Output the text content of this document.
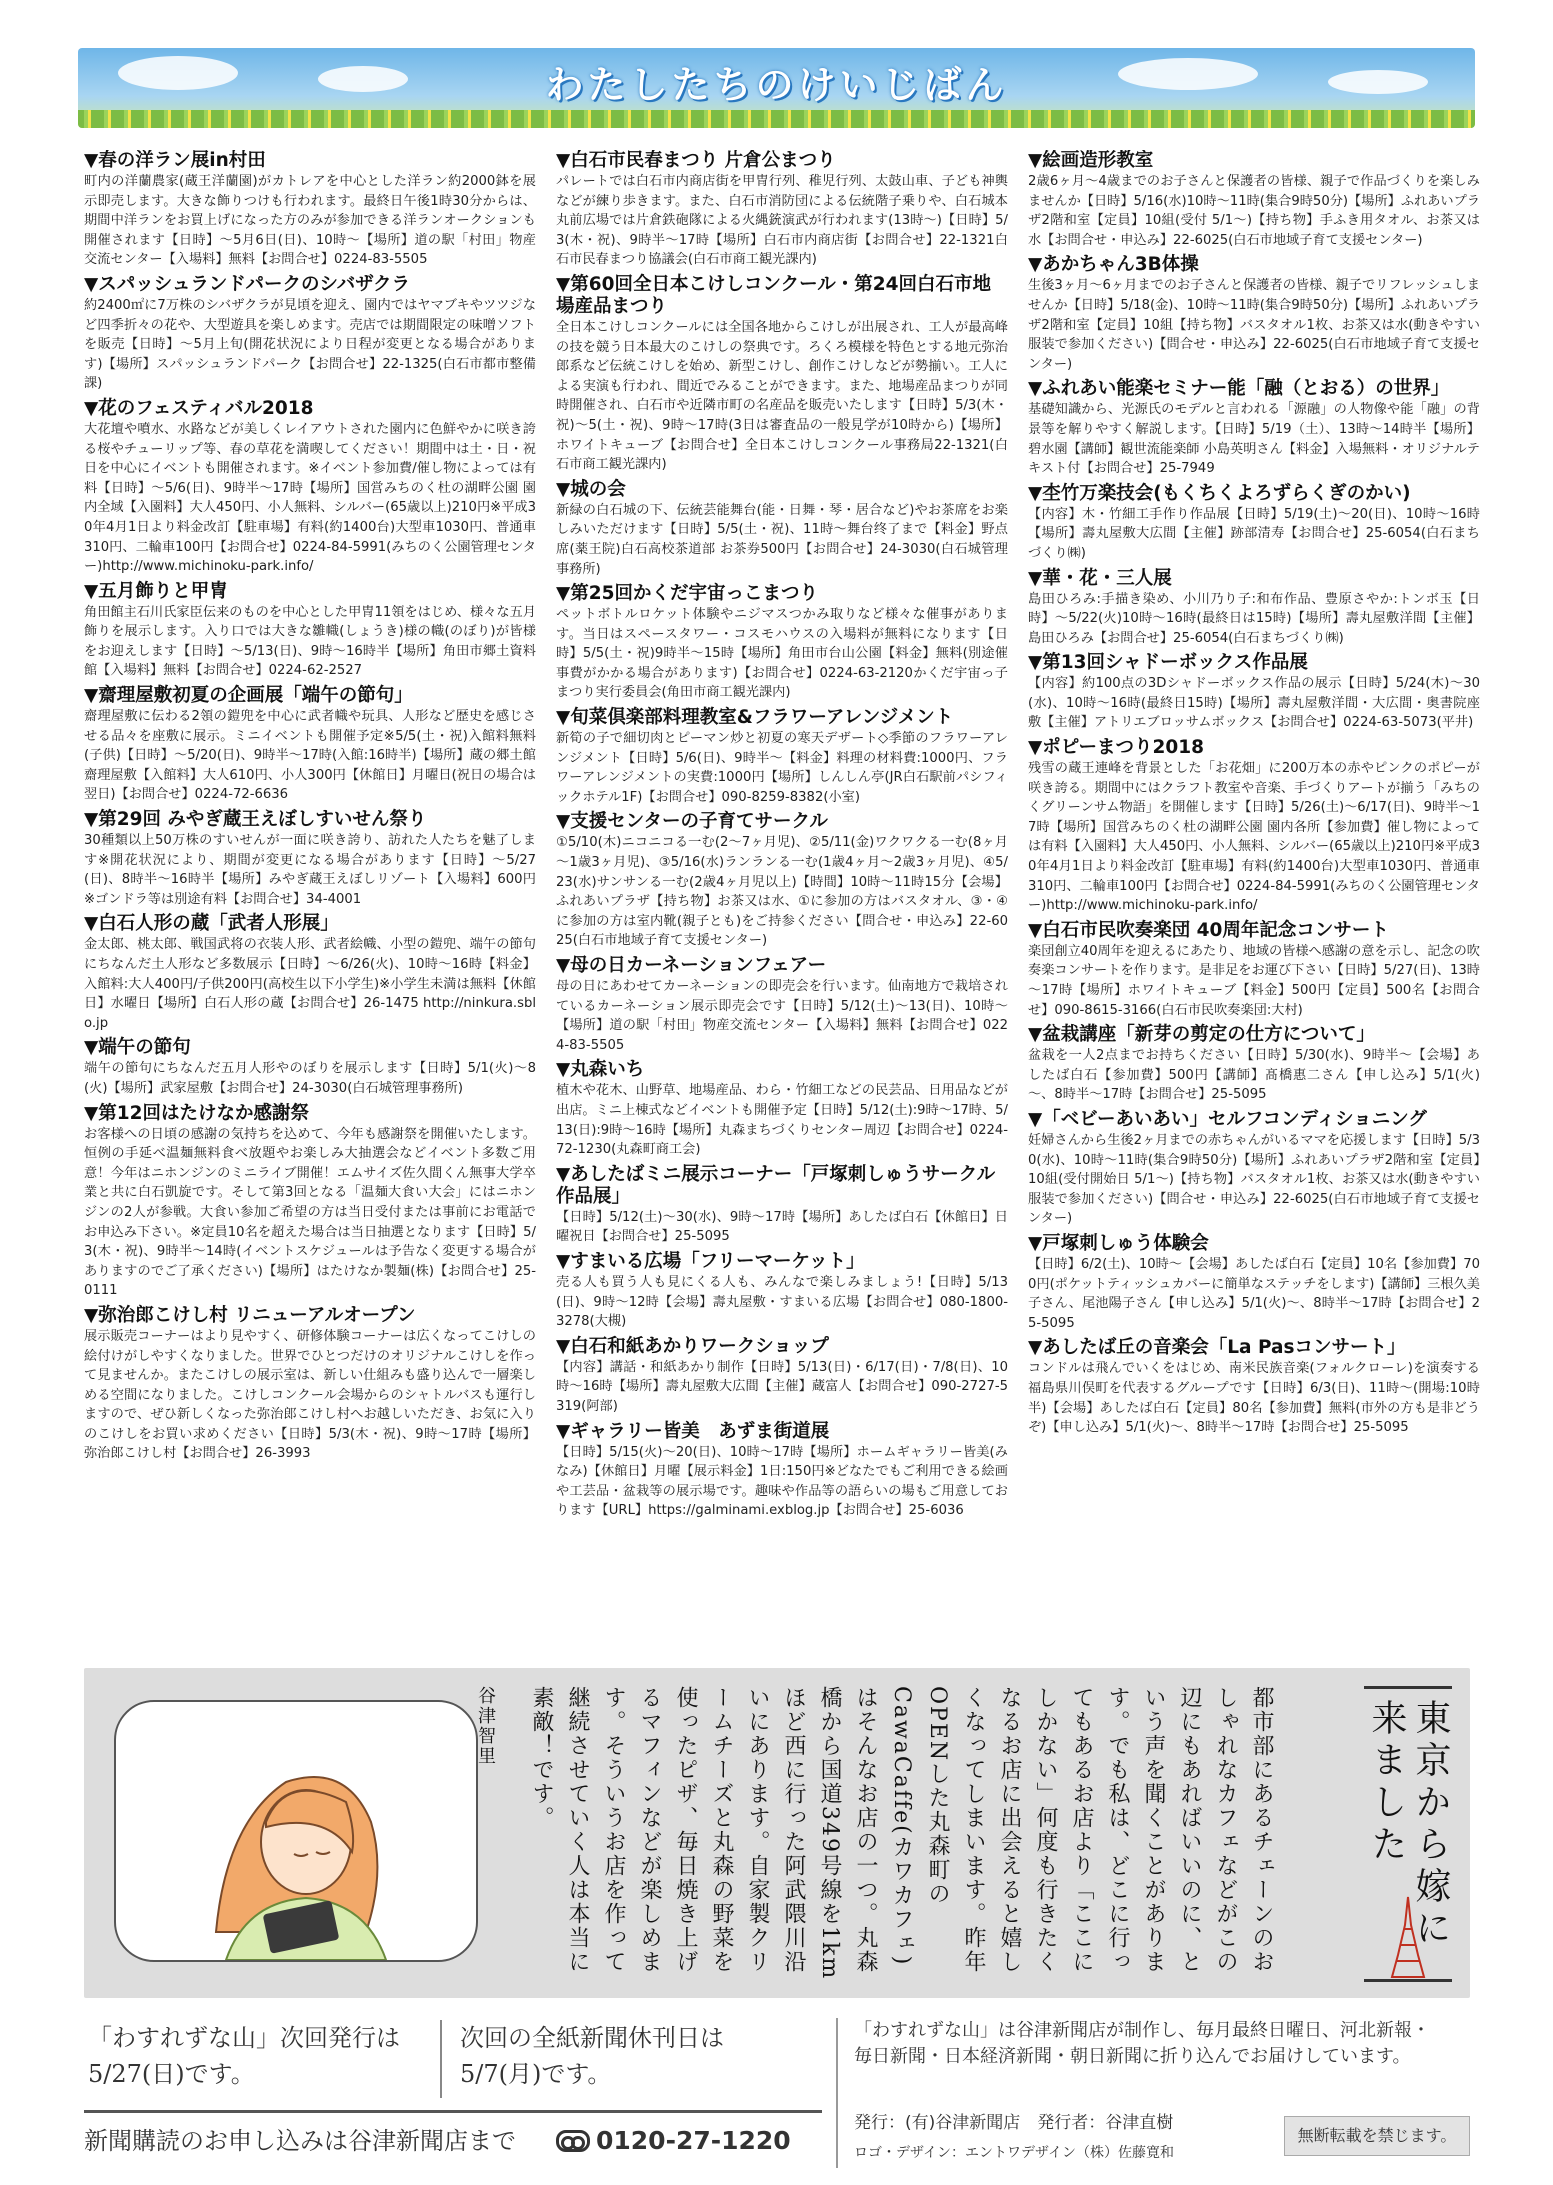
わたしたちのけいじばん
▼春の洋ラン展in村田

町内の洋蘭農家(蔵王洋蘭園)がカトレアを中心とした洋ラン約2000鉢を展示即売します。大きな飾りつけも行われます。最終日午後1時30分からは、期間中洋ランをお買上げになった方のみが参加できる洋ランオークションも開催されます【日時】～5月6日(日)、10時～【場所】道の駅「村田」物産交流センター【入場料】無料【お問合せ】0224-83-5505

▼スパッシュランドパークのシバザクラ

約2400㎡に7万株のシバザクラが見頃を迎え、園内ではヤマブキやツツジなど四季折々の花や、大型遊具を楽しめます。売店では期間限定の味噌ソフトを販売【日時】～5月上旬(開花状況により日程が変更となる場合があります)【場所】スパッシュランドパーク【お問合せ】22-1325(白石市都市整備課)

▼花のフェスティバル2018

大花壇や噴水、水路などが美しくレイアウトされた園内に色鮮やかに咲き誇る桜やチューリップ等、春の草花を満喫してください！期間中は土・日・祝日を中心にイベントも開催されます。※イベント参加費/催し物によっては有料【日時】～5/6(日)、9時半～17時【場所】国営みちのく杜の湖畔公園 園内全域【入園料】大人450円、小人無料、シルバー(65歳以上)210円※平成30年4月1日より料金改訂【駐車場】有料(約1400台)大型車1030円、普通車310円、二輪車100円【お問合せ】0224-84-5991(みちのく公園管理センター)http://www.michinoku-park.info/

▼五月飾りと甲冑

角田館主石川氏家臣伝来のものを中心とした甲冑11領をはじめ、様々な五月飾りを展示します。入り口では大きな雛幟(しょうき)様の幟(のぼり)が皆様をお迎えします【日時】～5/13(日)、9時～16時半【場所】角田市郷土資料館【入場料】無料【お問合せ】0224-62-2527

▼齋理屋敷初夏の企画展「端午の節句」

齋理屋敷に伝わる2領の鎧兜を中心に武者幟や玩具、人形など歴史を感じさせる品々を座敷に展示。ミニイベントも開催予定※5/5(土・祝)入館料無料(子供)【日時】～5/20(日)、9時半～17時(入館:16時半)【場所】蔵の郷土館 齋理屋敷【入館料】大人610円、小人300円【休館日】月曜日(祝日の場合は翌日)【お問合せ】0224-72-6636

▼第29回 みやぎ蔵王えぼしすいせん祭り

30種類以上50万株のすいせんが一面に咲き誇り、訪れた人たちを魅了します※開花状況により、期間が変更になる場合があります【日時】～5/27(日)、8時半～16時半【場所】みやぎ蔵王えぼしリゾート【入場料】600円※ゴンドラ等は別途有料【お問合せ】34-4001

▼白石人形の蔵「武者人形展」

金太郎、桃太郎、戦国武将の衣装人形、武者絵幟、小型の鎧兜、端午の節句にちなんだ土人形など多数展示【日時】～6/26(火)、10時～16時【料金】入館料:大人400円/子供200円(高校生以下小学生)※小学生未満は無料【休館日】水曜日【場所】白石人形の蔵【お問合せ】26-1475 http://ninkura.sblo.jp

▼端午の節句

端午の節句にちなんだ五月人形やのぼりを展示します【日時】5/1(火)～8(火)【場所】武家屋敷【お問合せ】24-3030(白石城管理事務所)

▼第12回はたけなか感謝祭

お客様への日頃の感謝の気持ちを込めて、今年も感謝祭を開催いたします。恒例の手延べ温麺無料食べ放題やお楽しみ大抽選会などイベント多数ご用意！今年はニホンジンのミニライブ開催！エムサイズ佐久間くん無事大学卒業と共に白石凱旋です。そして第3回となる「温麺大食い大会」にはニホンジンの2人が参戦。大食い参加ご希望の方は当日受付または事前にお電話でお申込み下さい。※定員10名を超えた場合は当日抽選となります【日時】5/3(木・祝)、9時半～14時(イベントスケジュールは予告なく変更する場合がありますのでご了承ください)【場所】はたけなか製麺(株)【お問合せ】25-0111

▼弥治郎こけし村 リニューアルオープン

展示販売コーナーはより見やすく、研修体験コーナーは広くなってこけしの絵付けがしやすくなりました。世界でひとつだけのオリジナルこけしを作って見ませんか。またこけしの展示室は、新しい仕組みも盛り込んで一層楽しめる空間になりました。こけしコンクール会場からのシャトルバスも運行しますので、ぜひ新しくなった弥治郎こけし村へお越しいただき、お気に入りのこけしをお買い求めください【日時】5/3(木・祝)、9時～17時【場所】弥治郎こけし村【お問合せ】26-3993

▼白石市民春まつり 片倉公まつり

パレートでは白石市内商店街を甲冑行列、稚児行列、太鼓山車、子ども神輿などが練り歩きます。また、白石市消防団による伝統階子乗りや、白石城本丸前広場では片倉鉄砲隊による火縄銃演武が行われます(13時～)【日時】5/3(木・祝)、9時半～17時【場所】白石市内商店街【お問合せ】22-1321白石市民春まつり協議会(白石市商工観光課内)

▼第60回全日本こけしコンクール・第24回白石市地場産品まつり

全日本こけしコンクールには全国各地からこけしが出展され、工人が最高峰の技を競う日本最大のこけしの祭典です。ろくろ模様を特色とする地元弥治郎系など伝統こけしを始め、新型こけし、創作こけしなどが勢揃い。工人による実演も行われ、間近でみることができます。また、地場産品まつりが同時開催され、白石市や近隣市町の名産品を販売いたします【日時】5/3(木・祝)～5(土・祝)、9時～17時(3日は審査品の一般見学が10時から)【場所】ホワイトキューブ【お問合せ】全日本こけしコンクール事務局22-1321(白石市商工観光課内)

▼城の会

新緑の白石城の下、伝統芸能舞台(能・日舞・琴・居合など)やお茶席をお楽しみいただけます【日時】5/5(土・祝)、11時～舞台终了まで【料金】野点席(薬王院)白石高校茶道部 お茶券500円【お問合せ】24-3030(白石城管理事務所)

▼第25回かくだ宇宙っこまつり

ペットボトルロケット体験やニジマスつかみ取りなど様々な催事があります。当日はスペースタワー・コスモハウスの入場料が無料になります【日時】5/5(土・祝)9時半～15時【場所】角田市台山公園【料金】無料(別途催事費がかかる場合があります)【お問合せ】0224-63-2120かくだ宇宙っ子まつり実行委員会(角田市商工観光課内)

▼旬菜倶楽部料理教室&フラワーアレンジメント

新筍の子で細切肉とピーマン炒と初夏の寒天デザート◇季節のフラワーアレンジメント【日時】5/6(日)、9時半～【料金】料理の材料費:1000円、フラワーアレンジメントの実費:1000円【場所】しんしん亭(JR白石駅前パシフィックホテル1F)【お問合せ】090-8259-8382(小室)

▼支援センターの子育てサークル

①5/10(木)ニコニコる一む(2～7ヶ月児)、②5/11(金)ワクワクる一む(8ヶ月～1歳3ヶ月児)、③5/16(水)ランランる一む(1歳4ヶ月～2歳3ヶ月児)、④5/23(水)サンサンる一む(2歳4ヶ月児以上)【時間】10時～11時15分【会場】ふれあいプラザ【持ち物】お茶又は水、①に参加の方はバスタオル、③・④に参加の方は室内靴(親子とも)をご持参ください【問合せ・申込み】22-6025(白石市地域子育て支援センター)

▼母の日カーネーションフェアー

母の日にあわせてカーネーションの即売会を行います。仙南地方で栽培されているカーネーション展示即売会です【日時】5/12(土)～13(日)、10時～【場所】道の駅「村田」物産交流センター【入場料】無料【お問合せ】0224-83-5505

▼丸森いち

植木や花木、山野草、地場産品、わら・竹細工などの民芸品、日用品などが出店。ミニ上棟式などイベントも開催予定【日時】5/12(土):9時～17時、5/13(日):9時～16時【場所】丸森まちづくりセンター周辺【お問合せ】0224-72-1230(丸森町商工会)

▼あしたばミニ展示コーナー「戸塚刺しゅうサークル作品展」

【日時】5/12(土)～30(水)、9時～17時【場所】あしたば白石【休館日】日曜祝日【お問合せ】25-5095

▼すまいる広場「フリーマーケット」

売る人も買う人も見にくる人も、みんなで楽しみましょう!【日時】5/13(日)、9時～12時【会場】壽丸屋敷・すまいる広場【お問合せ】080-1800-3278(大槻)

▼白石和紙あかりワークショップ

【内容】講話・和紙あかり制作【日時】5/13(日)・6/17(日)・7/8(日)、10時～16時【場所】壽丸屋敷大広間【主催】蔵富人【お問合せ】090-2727-5319(阿部)

▼ギャラリー皆美　あずま街道展

【日時】5/15(火)～20(日)、10時～17時【場所】ホームギャラリー皆美(みなみ)【休館日】月曜【展示料金】1日:150円※どなたでもご利用できる絵画や工芸品・盆栽等の展示場です。趣味や作品等の語らいの場もご用意しております【URL】https://galminami.exblog.jp【お問合せ】25-6036

▼絵画造形教室

2歳6ヶ月～4歳までのお子さんと保護者の皆様、親子で作品づくりを楽しみませんか【日時】5/16(水)10時～11時(集合9時50分)【場所】ふれあいプラザ2階和室【定員】10組(受付 5/1～)【持ち物】手ふき用タオル、お茶又は水【お問合せ・申込み】22-6025(白石市地域子育て支援センター)

▼あかちゃん3B体操

生後3ヶ月～6ヶ月までのお子さんと保護者の皆様、親子でリフレッシュしませんか【日時】5/18(金)、10時～11時(集合9時50分)【場所】ふれあいプラザ2階和室【定員】10組【持ち物】バスタオル1枚、お茶又は水(動きやすい服装で参加ください)【問合せ・申込み】22-6025(白石市地域子育て支援センター)

▼ふれあい能楽セミナー能「融（とおる）の世界」

基礎知識から、光源氏のモデルと言われる「源融」の人物像や能「融」の背景等を解りやすく解説します。【日時】5/19（土）、13時～14時半【場所】碧水園【講師】観世流能楽師 小島英明さん【料金】入場無料・オリジナルテキスト付【お問合せ】25-7949

▼杢竹万楽技会(もくちくよろずらくぎのかい)

【内容】木・竹細工手作り作品展【日時】5/19(土)～20(日)、10時～16時【場所】壽丸屋敷大広間【主催】跡部清寿【お問合せ】25-6054(白石まちづくり㈱)

▼華・花・三人展

島田ひろみ:手描き染め、小川乃り子:和布作品、豊原さやか:トンボ玉【日時】～5/22(火)10時～16時(最終日は15時)【場所】壽丸屋敷洋間【主催】島田ひろみ【お問合せ】25-6054(白石まちづくり㈱)

▼第13回シャドーボックス作品展

【内容】約100点の3Dシャドーボックス作品の展示【日時】5/24(木)～30(水)、10時～16時(最終日15時)【場所】壽丸屋敷洋間・大広間・奥書院座敷【主催】アトリエブロッサムボックス【お問合せ】0224-63-5073(平井)

▼ポピーまつり2018

残雪の蔵王連峰を背景とした「お花畑」に200万本の赤やピンクのポピーが咲き誇る。期間中にはクラフト教室や音楽、手づくりアートが揃う「みちのくグリーンサム物語」を開催します【日時】5/26(土)～6/17(日)、9時半～17時【場所】国営みちのく杜の湖畔公園 園内各所【参加費】催し物によっては有料【入園料】大人450円、小人無料、シルバー(65歳以上)210円※平成30年4月1日より料金改訂【駐車場】有料(約1400台)大型車1030円、普通車310円、二輪車100円【お問合せ】0224-84-5991(みちのく公園管理センター)http://www.michinoku-park.info/

▼白石市民吹奏楽団 40周年記念コンサート

楽団創立40周年を迎えるにあたり、地域の皆様へ感謝の意を示し、記念の吹奏楽コンサートを作ります。是非足をお運び下さい【日時】5/27(日)、13時～17時【場所】ホワイトキューブ【料金】500円【定員】500名【お問合せ】090-8615-3166(白石市民吹奏楽団:大村)

▼盆栽講座「新芽の剪定の仕方について」

盆栽を一人2点までお持ちください【日時】5/30(水)、9時半～【会場】あしたば白石【参加費】500円【講師】髙橋惠二さん【申し込み】5/1(火)～、8時半～17時【お問合せ】25-5095

▼「ベビーあいあい」セルフコンディショニング

妊婦さんから生後2ヶ月までの赤ちゃんがいるママを応援します【日時】5/30(水)、10時～11時(集合9時50分)【場所】ふれあいプラザ2階和室【定員】10組(受付開始日 5/1～)【持ち物】バスタオル1枚、お茶又は水(動きやすい服装で参加ください)【問合せ・申込み】22-6025(白石市地域子育て支援センター)

▼戸塚刺しゅう体験会

【日時】6/2(土)、10時～【会場】あしたば白石【定員】10名【参加費】700円(ポケットティッシュカバーに簡単なステッチをします)【講師】三根久美子さん、尾池陽子さん【申し込み】5/1(火)～、8時半～17時【お問合せ】25-5095

▼あしたば丘の音楽会「La Pasコンサート」

コンドルは飛んでいくをはじめ、南米民族音楽(フォルクローレ)を演奏する福島県川俣町を代表するグループです【日時】6/3(日)、11時～(開場:10時半)【会場】あしたば白石【定員】80名【参加費】無料(市外の方も是非どうぞ)【申し込み】5/1(火)～、8時半～17時【お問合せ】25-5095

都市部にあるチェーンのおしゃれなカフェなどがこの辺にもあればいいのに、という声を聞くことがあります。でも私は、どこに行ってもあるお店より「ここにしかない」何度も行きたくなるお店に出会えると嬉しくなってしまいます。昨年OPENした丸森町のCawaCaffe(カワカフェ)はそんなお店の一つ。丸森橋から国道349号線を1kmほど西に行った阿武隈川沿いにあります。自家製クリームチーズと丸森の野菜を使ったピザ、毎日焼き上げるマフィンなどが楽しめます。そういうお店を作って継続させていく人は本当に素敵！です。
谷津智里	東京から嫁に来ました
「わすれずな山」次回発行は
5/27(日)です。
次回の全紙新聞休刊日は
5/7(月)です。
新聞購読のお申し込みは谷津新聞店まで	0120-27-1220
「わすれずな山」は谷津新聞店が制作し、毎月最終日曜日、河北新報・
毎日新聞・日本経済新聞・朝日新聞に折り込んでお届けしています。
発行：(有)谷津新聞店　発行者：谷津直樹
ロゴ・デザイン：エントワデザイン（株）佐藤寛和
無断転載を禁じます。
